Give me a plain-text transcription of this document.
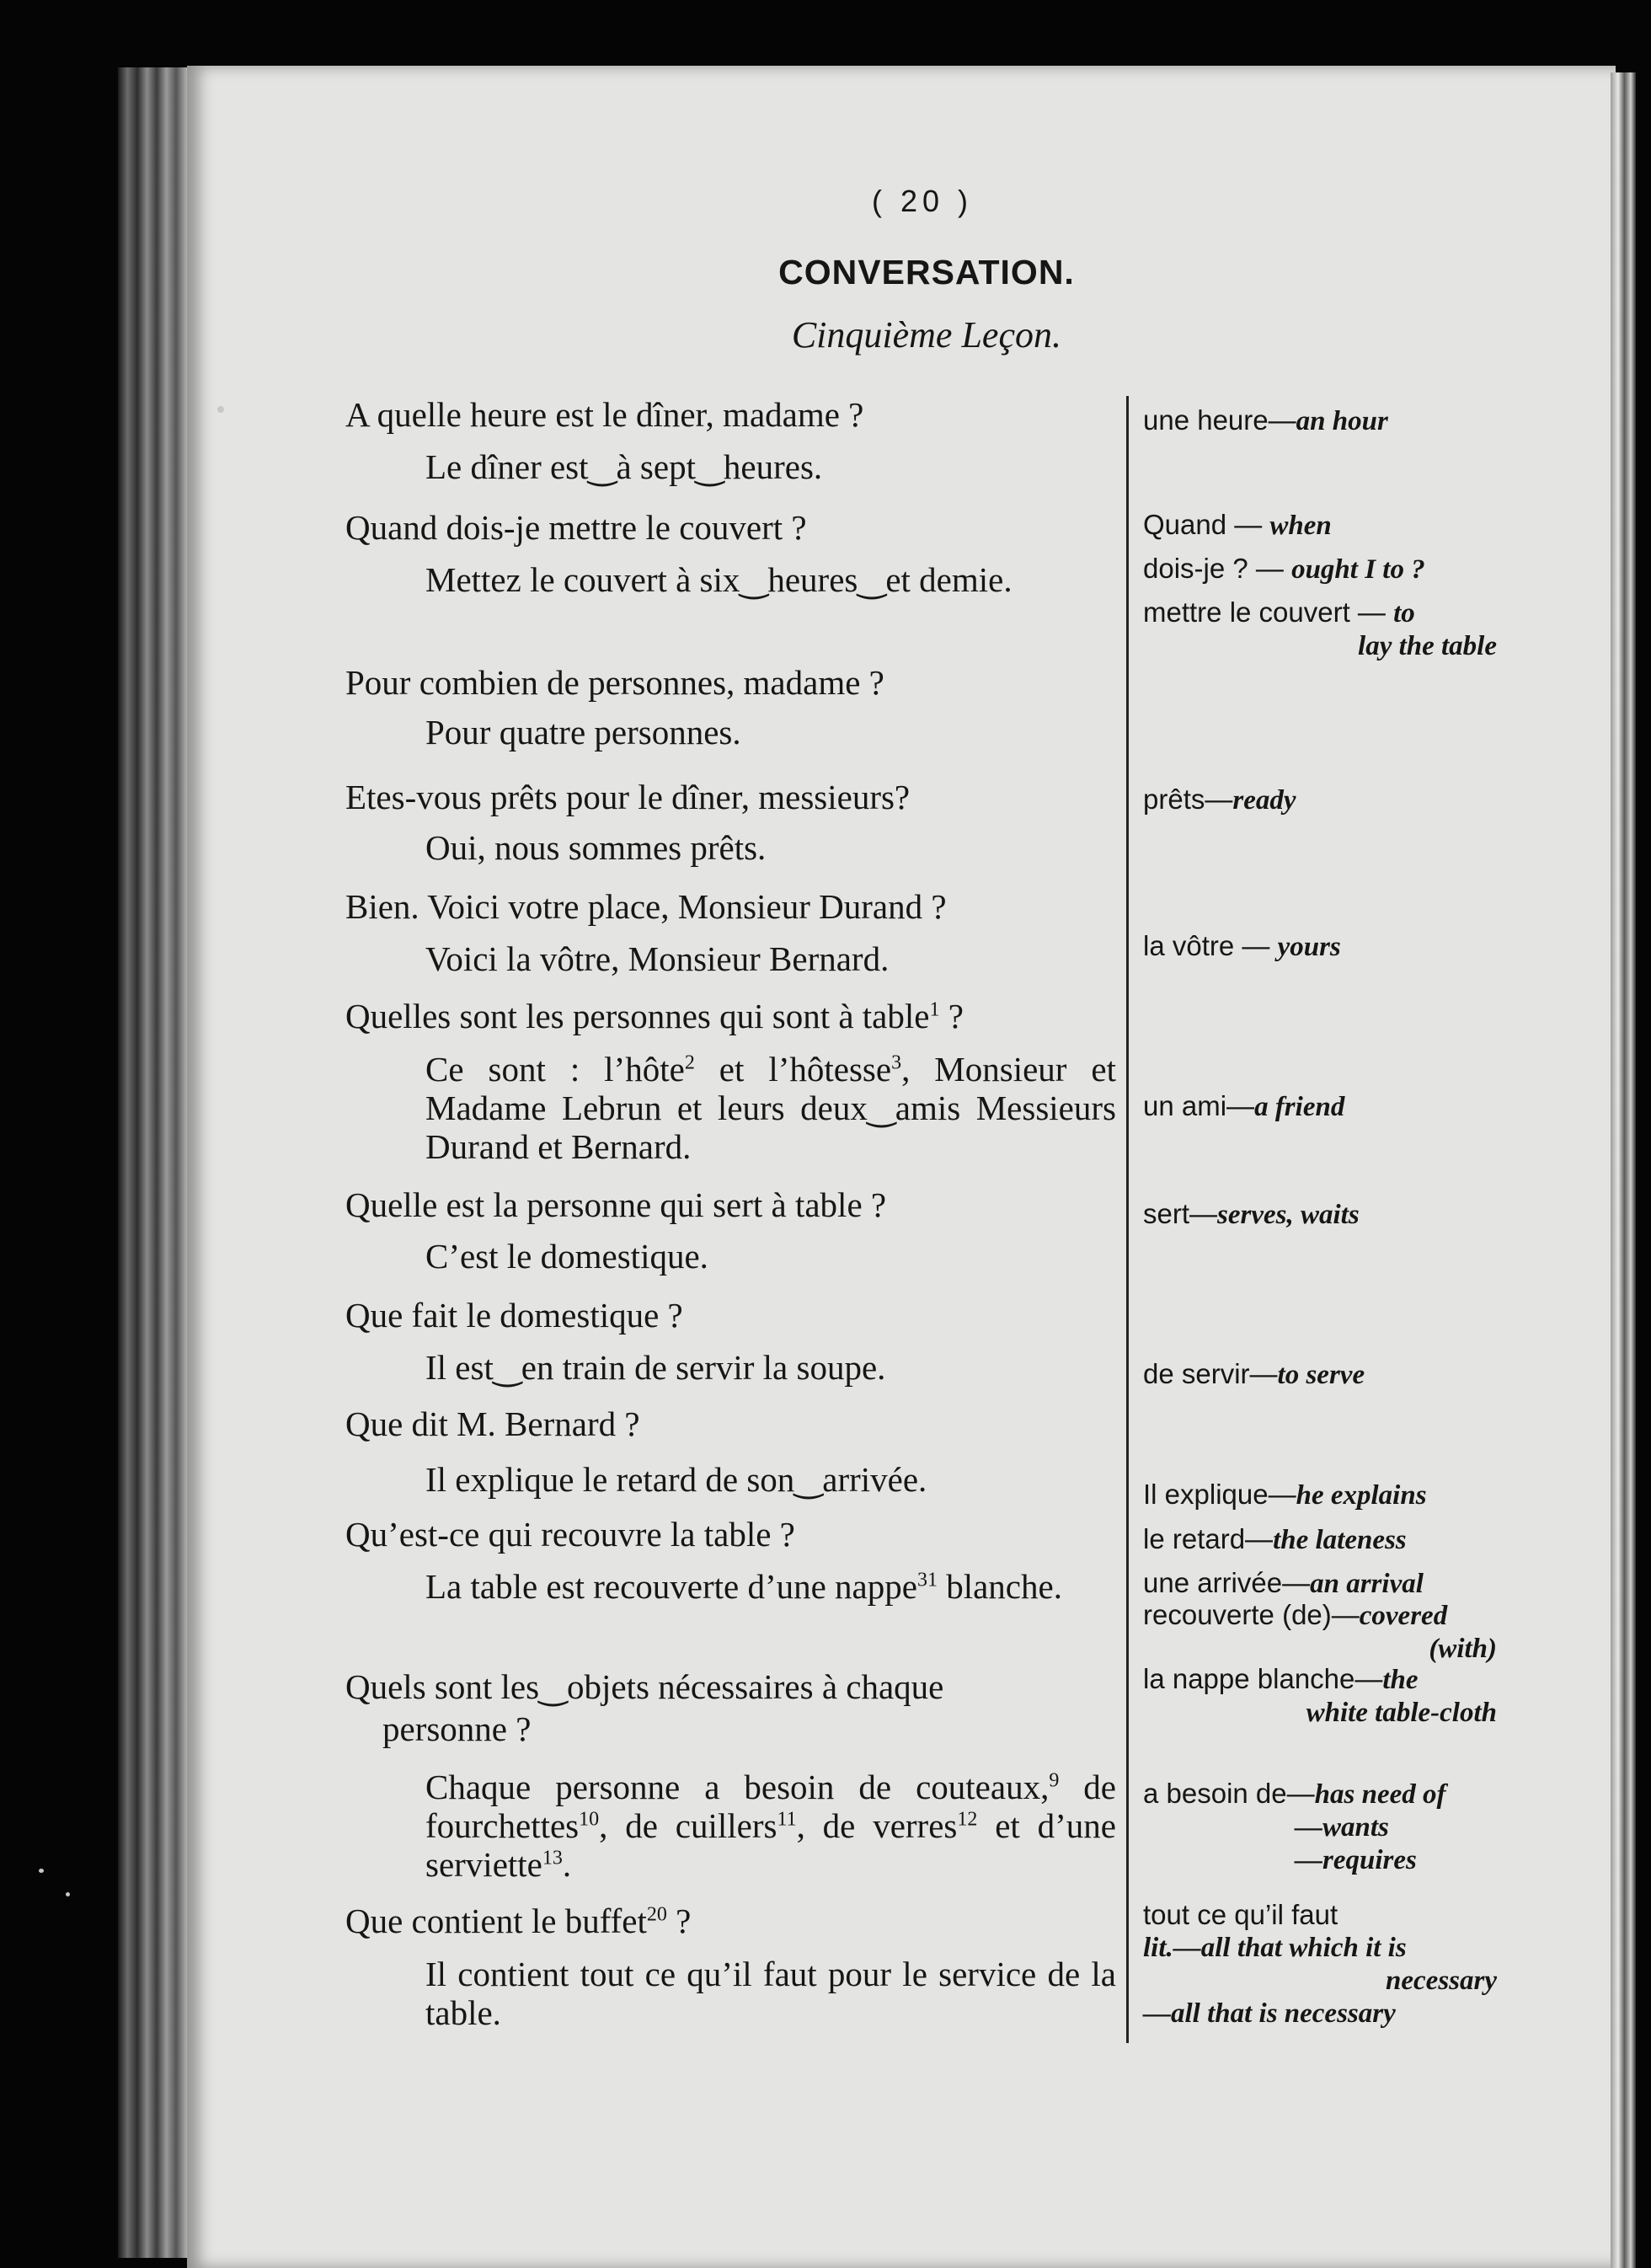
( 20 )
CONVERSATION.
Cinquième Leçon.
A quelle heure est le dîner, madame ?
Le dîner est‿à sept‿heures.
Quand dois-je mettre le couvert ?
Mettez le couvert à six‿heures‿et demie.
Pour combien de personnes, madame ?
Pour quatre personnes.
Etes-vous prêts pour le dîner, messieurs?
Oui, nous sommes prêts.
Bien. Voici votre place, Monsieur Durand ?
Voici la vôtre, Monsieur Bernard.
Quelles sont les personnes qui sont à table$^1$ ?
Ce sont : l’hôte$^2$ et l’hôtesse$^3$, Monsieur et Madame Lebrun et leurs deux‿amis Messieurs Durand et Bernard.
Quelle est la personne qui sert à table ?
C’est le domestique.
Que fait le domestique ?
Il est‿en train de servir la soupe.
Que dit M. Bernard ?
Il explique le retard de son‿arrivée.
Qu’est-ce qui recouvre la table ?
La table est recouverte d’une nappe$^{31}$ blanche.
Quels sont les‿objets nécessaires à chaque
personne ?
Chaque personne a besoin de couteaux,$^9$ de fourchettes$^{10}$, de cuillers$^{11}$, de verres$^{12}$ et d’une serviette$^{13}$.
Que contient le buffet$^{20}$ ?
Il contient tout ce qu’il faut pour le service de la table.
une heure—an hour
Quand — when
dois-je ? — ought I to ?
mettre le couvert — to
lay the table
prêts—ready
la vôtre — yours
un ami—a friend
sert—serves, waits
de servir—to serve
Il explique—he explains
le retard—the lateness
une arrivée—an arrival
recouverte (de)—covered
(with)
la nappe blanche—the
white table-cloth
a besoin de—has need of
—wants
—requires
tout ce qu’il faut
lit.—all that which it is
necessary
—all that is necessary
